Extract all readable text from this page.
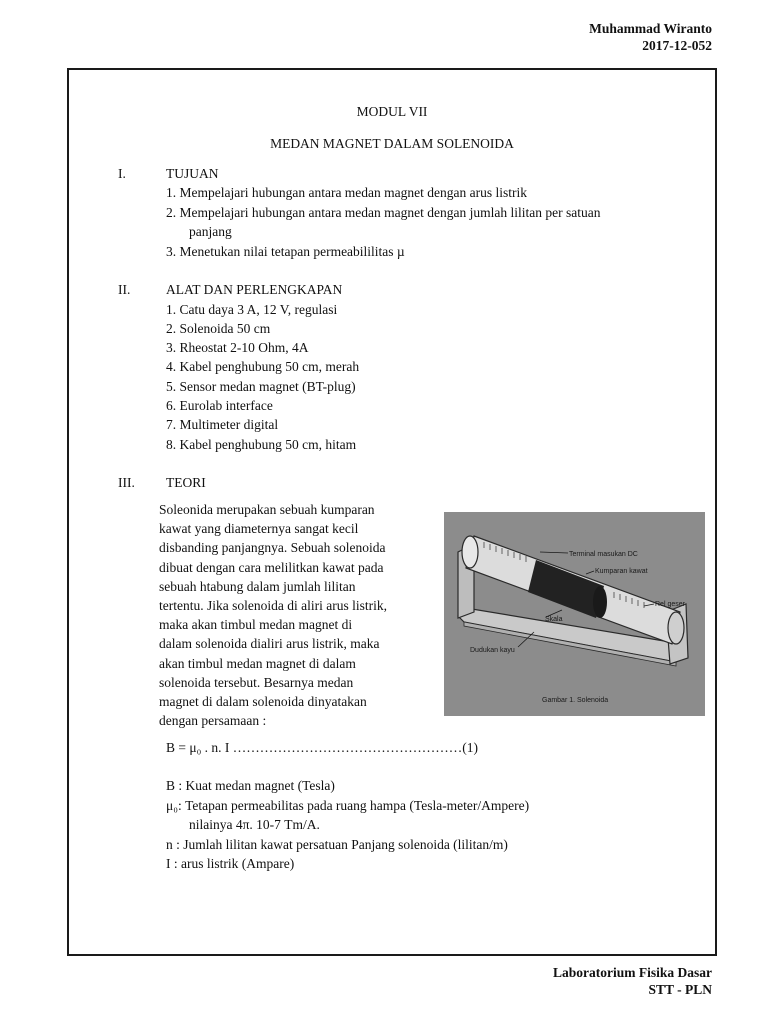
Muhammad Wiranto
2017-12-052
MODUL VII
MEDAN MAGNET DALAM SOLENOIDA
I.	TUJUAN
1. Mempelajari hubungan antara medan magnet dengan arus listrik
2. Mempelajari hubungan antara medan magnet dengan jumlah lilitan per satuan
panjang
3. Menetukan nilai tetapan permeabililitas µ
II.	ALAT DAN PERLENGKAPAN
1. Catu daya 3 A, 12 V, regulasi
2. Solenoida 50 cm
3. Rheostat 2-10 Ohm, 4A
4. Kabel penghubung 50 cm, merah
5. Sensor medan magnet (BT-plug)
6. Eurolab interface
7. Multimeter digital
8. Kabel penghubung 50 cm, hitam
III. TEORI
Soleonida merupakan sebuah kumparan
kawat yang diameternya sangat kecil
disbanding panjangnya. Sebuah solenoida
dibuat dengan cara melilitkan kawat pada
sebuah htabung dalam jumlah lilitan
tertentu. Jika solenoida di aliri arus listrik,
maka akan timbul medan magnet di
dalam solenoida dialiri arus listrik, maka
akan timbul medan magnet di dalam
solenoida tersebut. Besarnya medan
magnet di dalam solenoida dinyatakan
dengan persamaan :
Terminal masukan DC
Kumparan kawat
Rel geser
Skala
Dudukan kayu
Gambar 1. Solenoida
B = μ₀ . n. I ……………………………………………(1)
B : Kuat medan magnet (Tesla)
μ₀: Tetapan permeabilitas pada ruang hampa (Tesla-meter/Ampere)
nilainya 4π. 10-7 Tm/A.
n : Jumlah lilitan kawat persatuan Panjang solenoida (lilitan/m)
I : arus listrik (Ampare)
Laboratorium Fisika Dasar
STT - PLN
